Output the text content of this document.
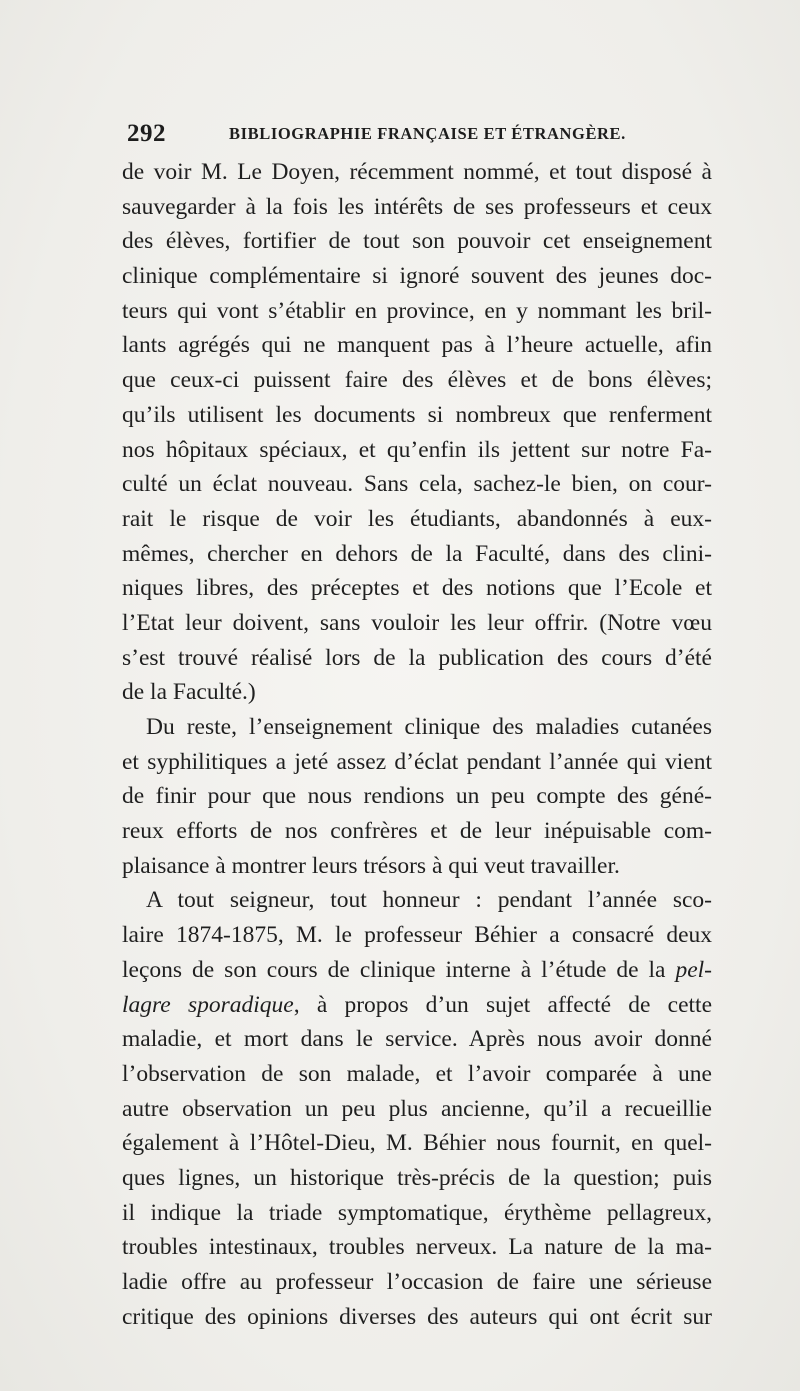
292	BIBLIOGRAPHIE FRANÇAISE ET ÉTRANGÈRE.
de voir M. Le Doyen, récemment nommé, et tout disposé à
sauvegarder à la fois les intérêts de ses professeurs et ceux
des élèves, fortifier de tout son pouvoir cet enseignement
clinique complémentaire si ignoré souvent des jeunes doc-
teurs qui vont s’établir en province, en y nommant les bril-
lants agrégés qui ne manquent pas à l’heure actuelle, afin
que ceux-ci puissent faire des élèves et de bons élèves;
qu’ils utilisent les documents si nombreux que renferment
nos hôpitaux spéciaux, et qu’enfin ils jettent sur notre Fa-
culté un éclat nouveau. Sans cela, sachez-le bien, on cour-
rait le risque de voir les étudiants, abandonnés à eux-
mêmes, chercher en dehors de la Faculté, dans des clini-
niques libres, des préceptes et des notions que l’Ecole et
l’Etat leur doivent, sans vouloir les leur offrir. (Notre vœu
s’est trouvé réalisé lors de la publication des cours d’été
de la Faculté.)
Du reste, l’enseignement clinique des maladies cutanées
et syphilitiques a jeté assez d’éclat pendant l’année qui vient
de finir pour que nous rendions un peu compte des géné-
reux efforts de nos confrères et de leur inépuisable com-
plaisance à montrer leurs trésors à qui veut travailler.
A tout seigneur, tout honneur : pendant l’année sco-
laire 1874-1875, M. le professeur Béhier a consacré deux
leçons de son cours de clinique interne à l’étude de la pel-
lagre sporadique, à propos d’un sujet affecté de cette
maladie, et mort dans le service. Après nous avoir donné
l’observation de son malade, et l’avoir comparée à une
autre observation un peu plus ancienne, qu’il a recueillie
également à l’Hôtel-Dieu, M. Béhier nous fournit, en quel-
ques lignes, un historique très-précis de la question; puis
il indique la triade symptomatique, érythème pellagreux,
troubles intestinaux, troubles nerveux. La nature de la ma-
ladie offre au professeur l’occasion de faire une sérieuse
critique des opinions diverses des auteurs qui ont écrit sur
